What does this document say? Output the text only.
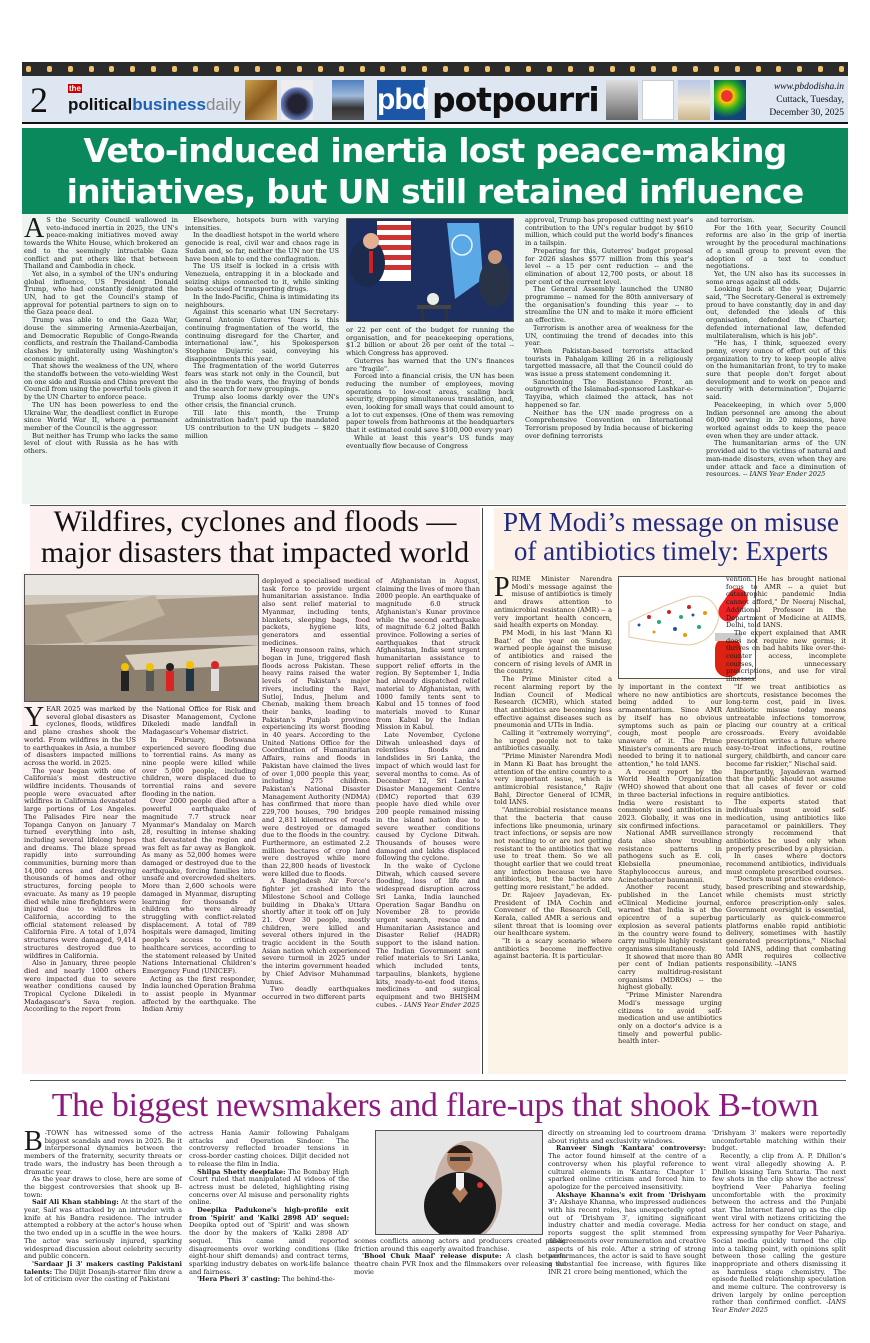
2	the
politicalbusinessdaily	pbd potpourri	www.pbdodisha.in
Cuttack, Tuesday,
December 30, 2025
Veto-induced inertia lost peace-making
initiatives, but UN still retained influence

A S the Security Council wallowed in veto-induced inertia in 2025, the UN's peace-making initiatives moved away towards the White House, which brokered an end to the seemingly intractable Gaza conflict and put others like that between Thailand and Cambodia in check.

Yet also, in a symbol of the UN's enduring global influence, US President Donald Trump, who had constantly denigrated the UN, had to get the Council's stamp of approval for potential partners to sign on to the Gaza peace deal.

Trump was able to end the Gaza War, douse the simmering Armenia-Azerbaijan, and Democratic Republic of Congo-Rwanda conflicts, and restrain the Thailand-Cambodia clashes by unilaterally using Washington's economic might.

That shows the weakness of the UN, where the standoffs between the veto-wielding West on one side and Russia and China prevent the Council from using the powerful tools given it by the UN Charter to enforce peace.

The UN has been powerless to end the Ukraine War, the deadliest conflict in Europe since World War II, where a permanent member of the Council is the aggressor.

But neither has Trump who lacks the same level of clout with Russia as he has with others.

Elsewhere, hotspots burn with varying intensities.

In the deadliest hotspot in the world where genocide is real, civil war and chaos rage in Sudan and, so far, neither the UN nor the US have been able to end the conflagration.

The US itself is locked in a crisis with Venezuela, entrapping it in a blockade and seizing ships connected to it, while sinking boats accused of transporting drugs.

In the Indo-Pacific, China is intimidating its neighbours.

Against this scenario what UN Secretary-General Antonio Guterres "fears is this continuing fragmentation of the world, the continuing disregard for the Charter, and international law.", his Spokesperson Stephane Dujarric said, conveying his disappointments this year.

The fragmentation of the world Guterres fears was stark not only in the Council, but also in the trade wars, the fraying of bonds and the search for new groupings.

Trump also looms darkly over the UN's other crisis, the financial crunch.

Till late this month, the Trump administration hadn't paid up the mandated US contribution to the UN budgets -- $820 million

or 22 per cent of the budget for running the organisation, and for peacekeeping operations, $1.2 billion or about 26 per cent of the total -- which Congress has approved.

Guterres has warned that the UN's finances are "fragile".

Forced into a financial crisis, the UN has been reducing the number of employees, moving operations to low-cost areas, scaling back security, dropping simultaneous translation, and, even, looking for small ways that could amount to a lot to cut expenses. (One of them was removing paper towels from bathrooms at the headquarters that it estimated could save $100,000 every year)

While at least this year's US funds may eventually flow because of Congress

approval, Trump has proposed cutting next year's contribution to the UN's regular budget by $610 million, which could put the world body's finances in a tailspin.

Preparing for this, Guterres' budget proposal for 2026 slashes $577 million from this year's level -- a 15 per cent reduction -- and the elimination of about 12,700 posts, or about 18 per cent of the current level.

The General Assembly launched the UN80 programme -- named for the 80th anniversary of the organisation's founding this year -- to streamline the UN and to make it more efficient an effective.

Terrorism is another area of weakness for the UN, continuing the trend of decades into this year.

When Pakistan-based terrorists attacked tourists in Pahalgam killing 26 in a religiously targetted massacre, all that the Council could do was issue a press statement condemning it.

Sanctioning The Resistance Front, an outgrowth of the Islamabad-sponsored Lashkar-e-Tayyiba, which claimed the attack, has not happened so far.

Neither has the UN made progress on a Comprehensive Convention on International Terrorism proposed by India because of bickering over defining terrorists

and terrorism.

For the 16th year, Security Council reforms are also in the grip of inertia wrought by the procedural machinations of a small group to prevent even the adoption of a text to conduct negotiations.

Yet, the UN also has its successes in some areas against all odds.

Looking back at the year, Dujarric said, "The Secretary-General is extremely proud to have constantly, day in and day out, defended the ideals of this organisation, defended the Charter, defended international law, defended multilateralism, which is his job".

"He has, I think, squeezed every penny, every ounce of effort out of this organization to try to keep people alive on the humanitarian front, to try to make sure that people don't forget about development and to work on peace and security with determination", Dujarric said.

Peacekeeping, in which over 5,000 Indian personnel are among the about 60,000 serving in 20 missions, have worked against odds to keep the peace even when they are under attack.

The humanitarian arms of the UN provided aid to the victims of natural and man-made disasters, even when they are under attack and face a diminution of resources. -- IANS Year Ender 2025

Wildfires, cyclones and floods —
major disasters that impacted world

YEAR 2025 was marked by several global disasters as cyclones, floods, wildfires and plane crashes shook the world. From wildfires in the US to earthquakes in Asia, a number of disasters impacted millions across the world. in 2025.

The year began with one of California's most destructive wildfire incidents. Thousands of people were evacuated after wildfires in California devastated large portions of Los Angeles. The Palisades Fire near the Topanga Canyon on January 7 turned everything into ash, including several lifelong hopes and dreams. The blaze spread rapidly into surrounding communities, burning more than 14,000 acres and destroying thousands of homes and other structures, forcing people to evacuate. As many as 19 people died while nine firefighters were injured due to wildfires in California, according to the official statement released by California Fire. A total of 1,074 structures were damaged, 9,414 structures destroyed due to wildfires in California.

Also in January, three people died and nearly 1000 others were impacted due to severe weather conditions caused by Tropical Cyclone Dikeledi in Madagascar's Sava region. According to the report from

the National Office for Risk and Disaster Management, Cyclone Dikeledi made landfall in Madagascar's Vohemar district.

In February, Botswana experienced severe flooding due to torrential rains. As many as nine people were killed while over 5,000 people, including children, were displaced due to torrential rains and severe flooding in the nation.

Over 2000 people died after a powerful earthquake of magnitude 7.7 struck near Myanmar's Mandalay on March 28, resulting in intense shaking that devastated the region and was felt as far away as Bangkok. As many as 52,000 homes were damaged or destroyed due to the earthquake, forcing families into unsafe and overcrowded shelters. More than 2,600 schools were damaged in Myanmar, disrupting learning for thousands of children who were already struggling with conflict-related displacement. A total of 789 hospitals were damaged, limiting people's access to critical healthcare services, according to the statement released by United Nations International Children's Emergency Fund (UNICEF).

Acting as the first responder, India launched Operation Brahma to assist people in Myanmar affected by the earthquake. The Indian Army

deployed a specialised medical task force to provide urgent humanitarian assistance. India also sent relief material to Myanmar, including tents, blankets, sleeping bags, food packets, hygiene kits, generators and essential medicines.

Heavy monsoon rains, which began in June, triggered flash floods across Pakistan. These heavy rains raised the water levels of Pakistan's major rivers, including the Ravi, Sutlej, Indus, Jhelum and Chenab, making them breach their banks, leading to Pakistan's Punjab province experiencing its worst flooding in 40 years. According to the United Nations Office for the Coordination of Humanitarian Affairs, rains and floods in Pakistan have claimed the lives of over 1,000 people this year, including 275 children. Pakistan's National Disaster Management Authority (NDMA) has confirmed that more than 229,700 houses, 790 bridges and 2,811 kilometres of roads were destroyed or damaged due to the floods in the country. Furthermore, an estimated 2.2 million hectares of crop land were destroyed while more than 22,800 heads of livestock were killed due to floods.

A Bangladesh Air Force's fighter jet crashed into the Milestone School and College building in Dhaka's Uttara shortly after it took off on July 21. Over 30 people, mostly children, were killed and several others injured in the tragic accident in the South Asian nation which experienced severe turmoil in 2025 under the interim government headed by Chief Advisor Muhammad Yunus.

Two deadly earthquakes occurred in two different parts

of Afghanistan in August, claiming the lives of more than 2000 people. An earthquake of magnitude 6.0 struck Afghanistan's Kunar province while the second earthquake of magnitude 6.2 jolted Balkh province. Following a series of earthquakes that struck Afghanistan, India sent urgent humanitarian assistance to support relief efforts in the region. By September 1, India had already dispatched relief material to Afghanistan, with 1000 family tents sent to Kabul and 15 tonnes of food materials moved to Kunar from Kabul by the Indian Mission in Kabul.

Late November, Cyclone Ditwah unleashed days of relentless floods and landslides in Sri Lanka, the impact of which would last for several months to come. As of December 12, Sri Lanka's Disaster Management Centre (DMC) reported that 639 people have died while over 200 people remained missing in the island nation due to severe weather conditions caused by Cyclone Ditwah. Thousands of houses were damaged and lakhs displaced following the cyclone.

In the wake of Cyclone Ditwah, which caused severe flooding, loss of life and widespread disruption across Sri Lanka, India launched Operation Sagar Bandhu on November 28 to provide urgent search, rescue and Humanitarian Assistance and Disaster Relief (HADR) support to the island nation. The Indian Government sent relief materials to Sri Lanka, which included tents, tarpaulins, blankets, hygiene kits, ready-to-eat food items, medicines and surgical equipment and two BHISHM cubes. - IANS Year Ender 2025

PM Modi’s message on misuse
of antibiotics timely: Experts

PRIME Minister Narendra Modi's message against the misuse of antibiotics is timely and draws attention to antimicrobial resistance (AMR) -- a very important health concern, said health experts on Monday.

PM Modi, in his last 'Mann Ki Baat' of the year on Sunday, warned people against the misuse of antibiotics and raised the concern of rising levels of AMR in the country.

The Prime Minister cited a recent alarming report by the Indian Council of Medical Research (ICMR), which stated that antibiotics are becoming less effective against diseases such as pneumonia and UTIs in India.

Calling it "extremely worrying", he urged people not to take antibiotics casually.

"Prime Minister Narendra Modi in Mann Ki Baat has brought the attention of the entire country to a very important issue, which is antimicrobial resistance," Rajiv Bahl, Director General of ICMR, told IANS.

"Antimicrobial resistance means that the bacteria that cause infections like pneumonia, urinary tract infections, or sepsis are now not reacting to or are not getting resistant to the antibiotics that we use to treat them. So we all thought earlier that we could treat any infection because we have antibiotics, but the bacteria are getting more resistant," he added.

Dr. Rajeev Jayadevan, Ex-President of IMA Cochin and Convener of the Research Cell, Kerala, called AMR a serious and silent threat that is looming over our healthcare system.

"It is a scary scenario where antibiotics become ineffective against bacteria. It is particular-

ly important in the context where no new antibiotics are being added to our armamentarium. Since AMR by itself has no obvious symptoms such as pain or cough, most people are unaware of it. The Prime Minister's comments are much needed to bring it to national attention," he told IANS.

A recent report by the World Health Organization (WHO) showed that about one in three bacterial infections in India were resistant to commonly used antibiotics in 2023. Globally, it was one in six confirmed infections.

National AMR surveillance data also show troubling resistance patterns in pathogens such as E. coli, Klebsiella pneumoniae, Staphylococcus aureus, and Acinetobacter baumannii.

Another recent study, published in the Lancet eClinical Medicine journal, warned that India is at the epicentre of a superbug explosion as several patients in the country were found to carry multiple highly resistant organisms simultaneously.

It showed that more than 80 per cent of Indian patients carry multidrug-resistant organisms (MDROs) -- the highest globally.

"Prime Minister Narendra Modi's message urging citizens to avoid self-medication and use antibiotics only on a doctor's advice is a timely and powerful public-health inter-

vention. He has brought national focus to AMR -- a quiet but catastrophic pandemic India cannot afford," Dr Neeraj Nischal, Additional Professor in the Department of Medicine at AIIMS, Delhi, told IANS.

The expert explained that AMR does not require new germs; it thrives on bad habits like over-the-counter access, incomplete courses, unnecessary prescriptions, and use for viral illnesses.

"If we treat antibiotics as shortcuts, resistance becomes the long-term cost, paid in lives. Antibiotic misuse today means untreatable infections tomorrow, placing our country at a critical crossroads. Every avoidable prescription writes a future where easy-to-treat infections, routine surgery, childbirth, and cancer care become far riskier," Nischal said.

Importantly, Jayadevan warned that the public should not assume that all cases of fever or cold require antibiotics.

The experts stated that individuals must avoid self-medication, using antibiotics like paracetamol or painkillers. They strongly recommend that antibiotics be used only when properly prescribed by a physician.

In cases where doctors recommend antibiotics, individuals must complete prescribed courses.

"Doctors must practice evidence-based prescribing and stewardship, while chemists must strictly enforce prescription-only sales. Government oversight is essential, particularly as quick-commerce platforms enable rapid antibiotic delivery, sometimes with hastily generated prescriptions," Nischal told IANS, adding that combating AMR requires collective responsibility. --IANS

The biggest newsmakers and flare-ups that shook B-town

B -TOWN has witnessed some of the biggest scandals and rows in 2025. Be it interpersonal dynamics between the members of the fraternity, security threats or trade wars, the industry has been through a dramatic year.

As the year draws to close, here are some of the biggest controversies that shook up B-town:

Saif Ali Khan stabbing: At the start of the year, Saif was attacked by an intruder with a knife at his Bandra residence. The intruder attempted a robbery at the actor's house when the two ended up in a scuffle in the wee hours. The actor was seriously injured, sparking widespread discussion about celebrity security and public concern.

'Sardaar Ji 3' makers casting Pakistani talents: The Diljit Dosanjh-starrer film drew a lot of criticism over the casting of Pakistani

actress Hania Aamir following Pahalgam attacks and Operation Sindoor. The controversy reflected broader tensions in cross-border casting choices. Diljit decided not to release the film in India.

Shilpa Shetty deepfake: The Bombay High Court ruled that manipulated AI videos of the actress must be deleted, highlighting rising concerns over AI misuse and personality rights online.

Deepika Padukone's high-profile exit from 'Spirit' and 'Kalki 2898 AD' sequel: Deepika opted out of 'Spirit' and was shown the door by the makers of 'Kalki 2898 AD' sequel. This came amid reported disagreements over working conditions (like eight-hour shift demands) and contract terms, sparking industry debates on work-life balance and fairness.

'Hera Pheri 3' casting: The behind-the-

scenes conflicts among actors and producers created public friction around this eagerly awaited franchise.

'Bhool Chuk Maaf' release dispute: A clash between theatre chain PVR Inox and the filmmakers over releasing the movie

directly on streaming led to courtroom drama about rights and exclusivity windows.

Ranveer Singh 'Kantara' controversy: The actor found himself at the centre of a controversy when his playful reference to cultural elements in 'Kantara: Chapter 1' sparked online criticism and forced him to apologize for the perceived insensitivity.

Akshaye Khanna's exit from 'Drishyam 3': Akshaye Khanna, who impressed audiences with his recent roles, has unexpectedly opted out of 'Drishyam 3', igniting significant industry chatter and media coverage. Media reports suggest the split stemmed from disagreements over remuneration and creative aspects of his role. After a string of strong performances, the actor is said to have sought a substantial fee increase, with figures like INR 21 crore being mentioned, which the

'Drishyam 3' makers were reportedly uncomfortable matching within their budget.

Recently, a clip from A. P. Dhillon's went viral allegedly showing A. P. Dhillon kissing Tara Sutaria. The next few shots in the clip show the actress' boyfriend Veer Pahariya feeling uncomfortable with the proximity between the actress and the Punjabi star. The Internet flared up as the clip went viral with netizens criticizing the actress for her conduct on stage, and expressing sympathy for Veer Pahariya. Social media quickly turned the clip into a talking point, with opinions split between those calling the gesture inappropriate and others dismissing it as harmless stage chemistry. The episode fuelled relationship speculation and meme culture. The controversy is driven largely by online perception rather than confirmed conflict. -IANS Year Ender 2025
